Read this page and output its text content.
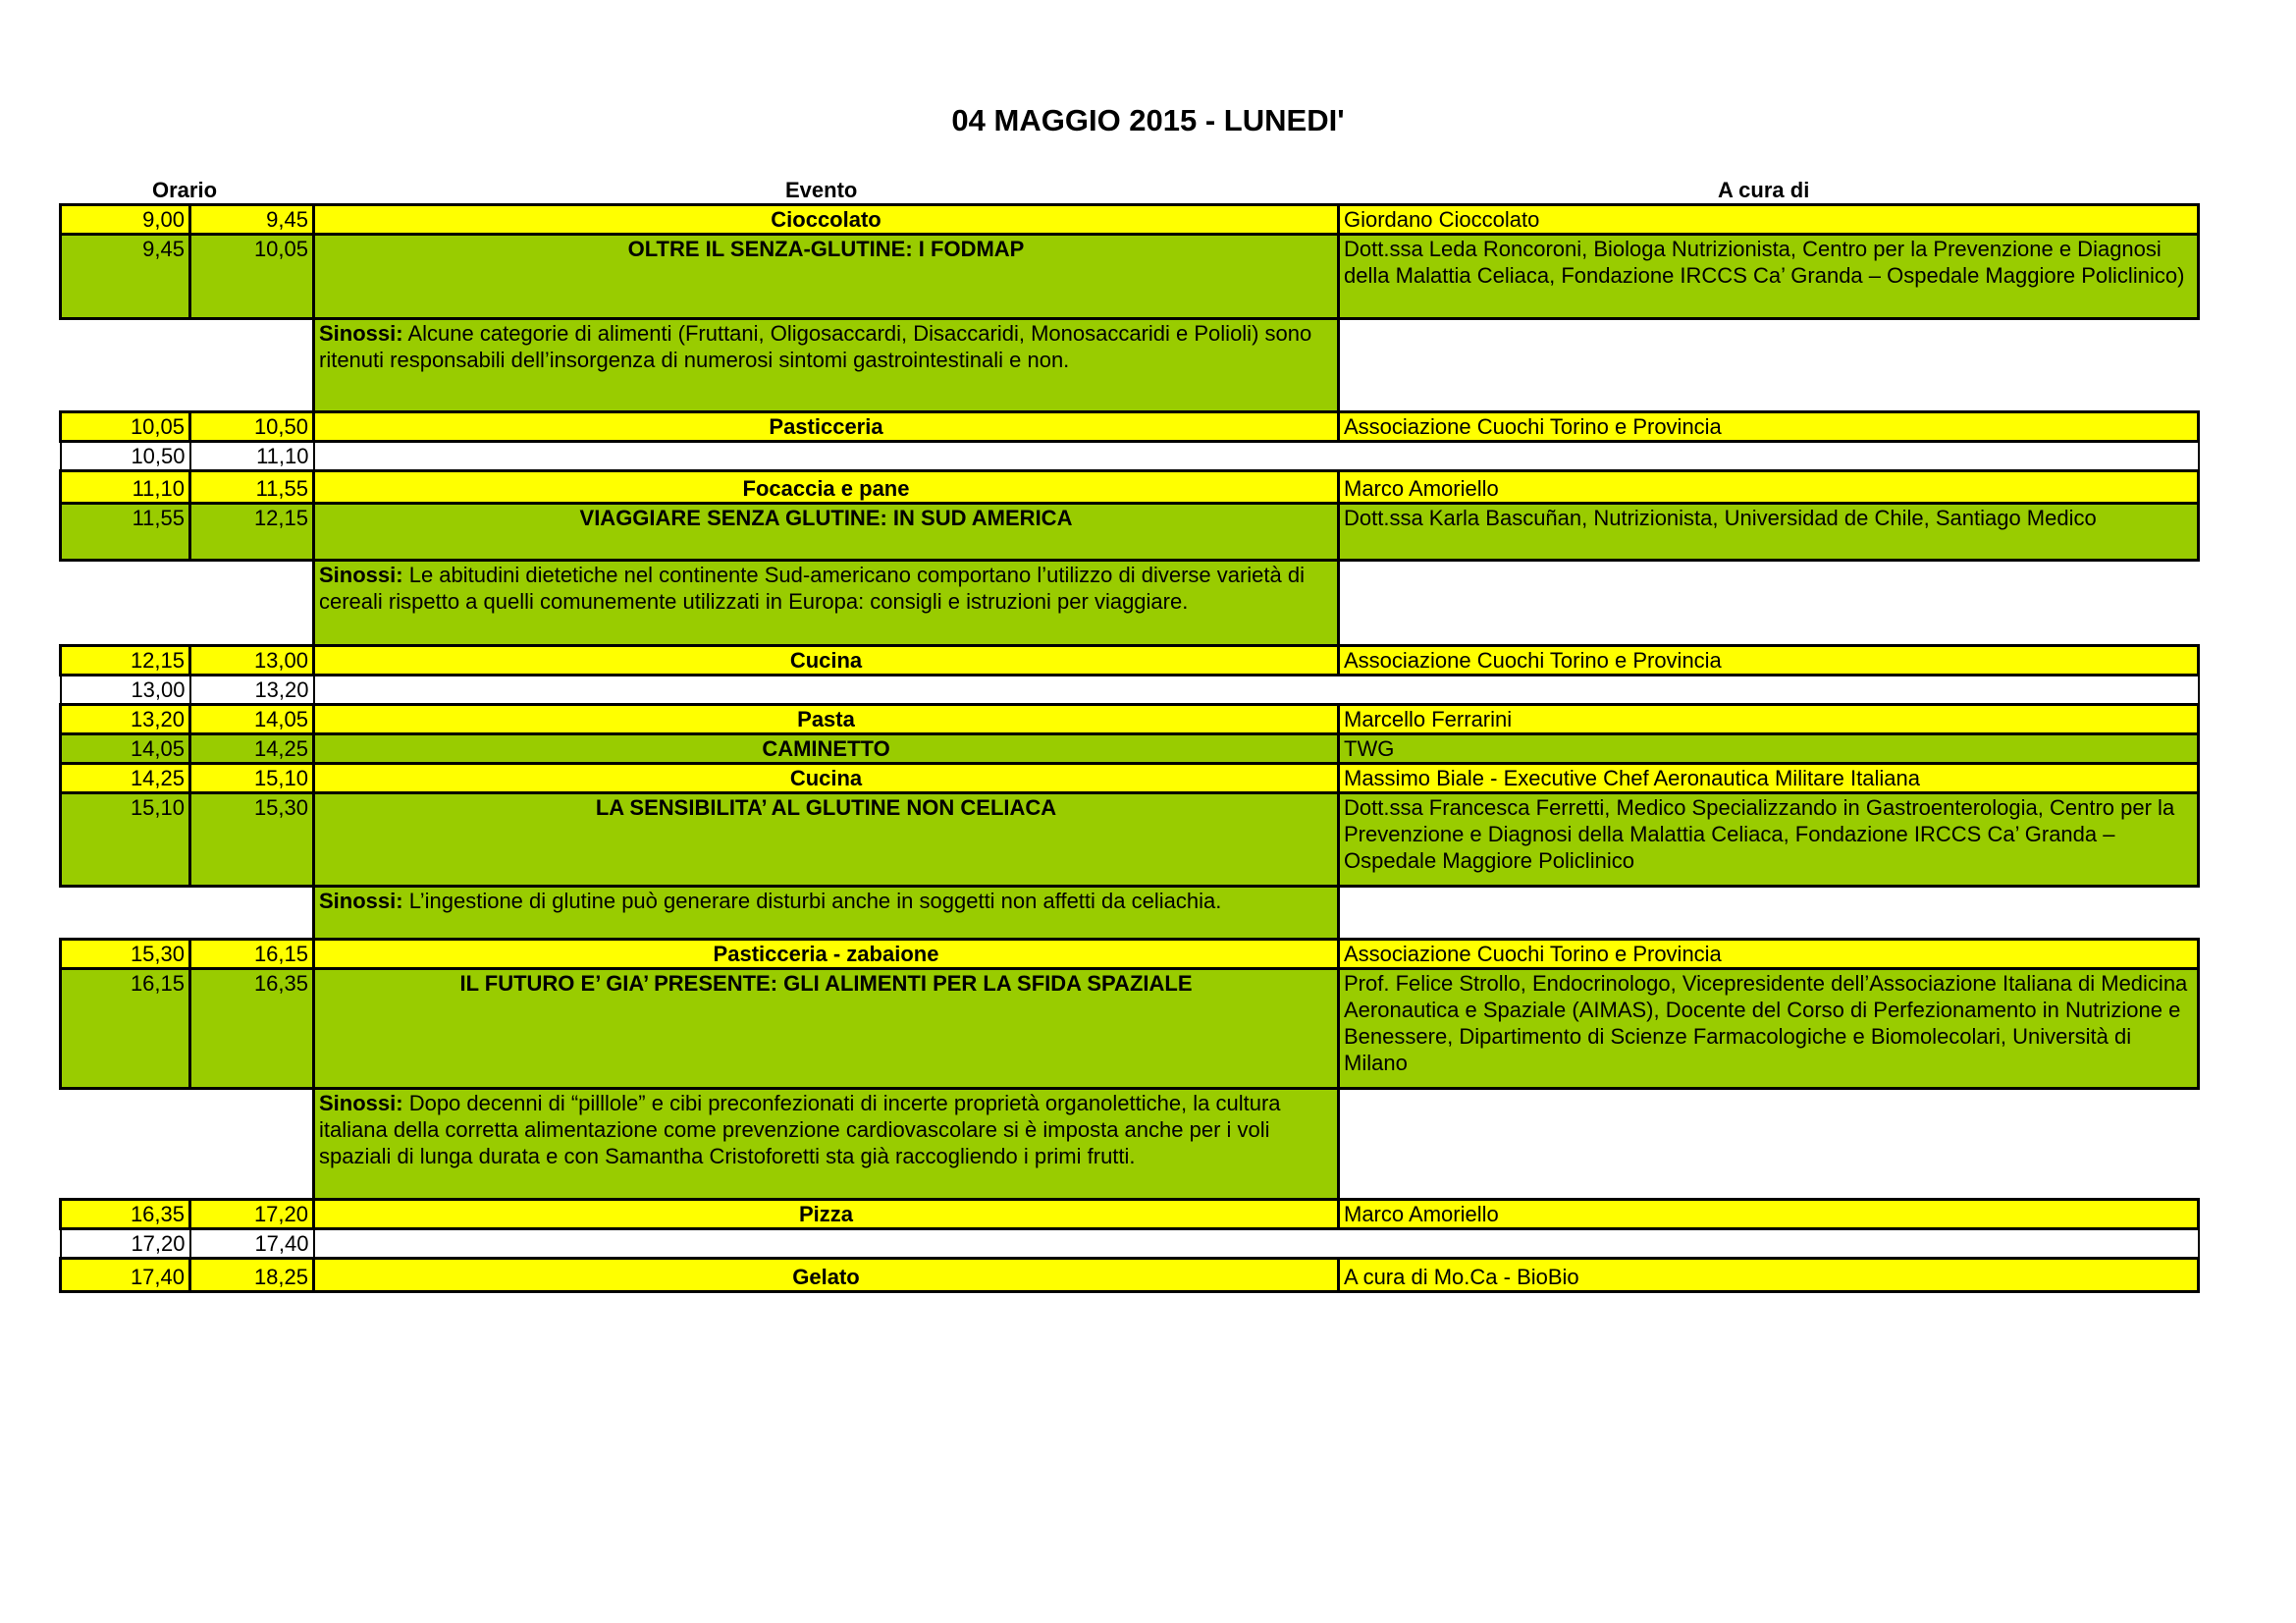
04 MAGGIO 2015 - LUNEDI'
Orario	Evento	A cura di
9,00	9,45	Cioccolato	Giordano Cioccolato
9,45	10,05	OLTRE IL SENZA-GLUTINE: I FODMAP	Dott.ssa Leda Roncoroni, Biologa Nutrizionista, Centro per la Prevenzione e Diagnosi della Malattia Celiaca, Fondazione IRCCS Ca’ Granda – Ospedale Maggiore Policlinico)
		Sinossi: Alcune categorie di alimenti (Fruttani, Oligosaccardi, Disaccaridi, Monosaccaridi e Polioli) sono ritenuti responsabili dell’insorgenza di numerosi sintomi gastrointestinali e non.	
10,05	10,50	Pasticceria	Associazione Cuochi Torino e Provincia
10,50	11,10		
11,10	11,55	Focaccia e pane	Marco Amoriello
11,55	12,15	VIAGGIARE SENZA GLUTINE: IN SUD AMERICA	Dott.ssa Karla Bascuñan, Nutrizionista, Universidad de Chile, Santiago Medico
		Sinossi: Le abitudini dietetiche nel continente Sud-americano comportano l’utilizzo di diverse varietà di cereali rispetto a quelli comunemente utilizzati in Europa: consigli e istruzioni per viaggiare.	
12,15	13,00	Cucina	Associazione Cuochi Torino e Provincia
13,00	13,20		
13,20	14,05	Pasta	Marcello Ferrarini
14,05	14,25	CAMINETTO	TWG
14,25	15,10	Cucina	Massimo Biale - Executive Chef Aeronautica Militare Italiana
15,10	15,30	LA SENSIBILITA’ AL GLUTINE NON CELIACA	Dott.ssa Francesca Ferretti, Medico Specializzando in Gastroenterologia, Centro per la Prevenzione e Diagnosi della Malattia Celiaca, Fondazione IRCCS Ca’ Granda – Ospedale Maggiore Policlinico
		Sinossi: L’ingestione di glutine può generare disturbi anche in soggetti non affetti da celiachia.	
15,30	16,15	Pasticceria - zabaione	Associazione Cuochi Torino e Provincia
16,15	16,35	IL FUTURO E’ GIA’ PRESENTE: GLI ALIMENTI PER LA SFIDA SPAZIALE	Prof. Felice Strollo, Endocrinologo, Vicepresidente dell’Associazione Italiana di Medicina Aeronautica e Spaziale (AIMAS), Docente del Corso di Perfezionamento in Nutrizione e Benessere, Dipartimento di Scienze Farmacologiche e Biomolecolari, Università di Milano
		Sinossi: Dopo decenni di “pilllole” e cibi preconfezionati di incerte proprietà organolettiche, la cultura italiana della corretta alimentazione come prevenzione cardiovascolare si è imposta anche per i voli spaziali di lunga durata e con Samantha Cristoforetti sta già raccogliendo i primi frutti.	
16,35	17,20	Pizza	Marco Amoriello
17,20	17,40		
17,40	18,25	Gelato	A cura di Mo.Ca - BioBio
